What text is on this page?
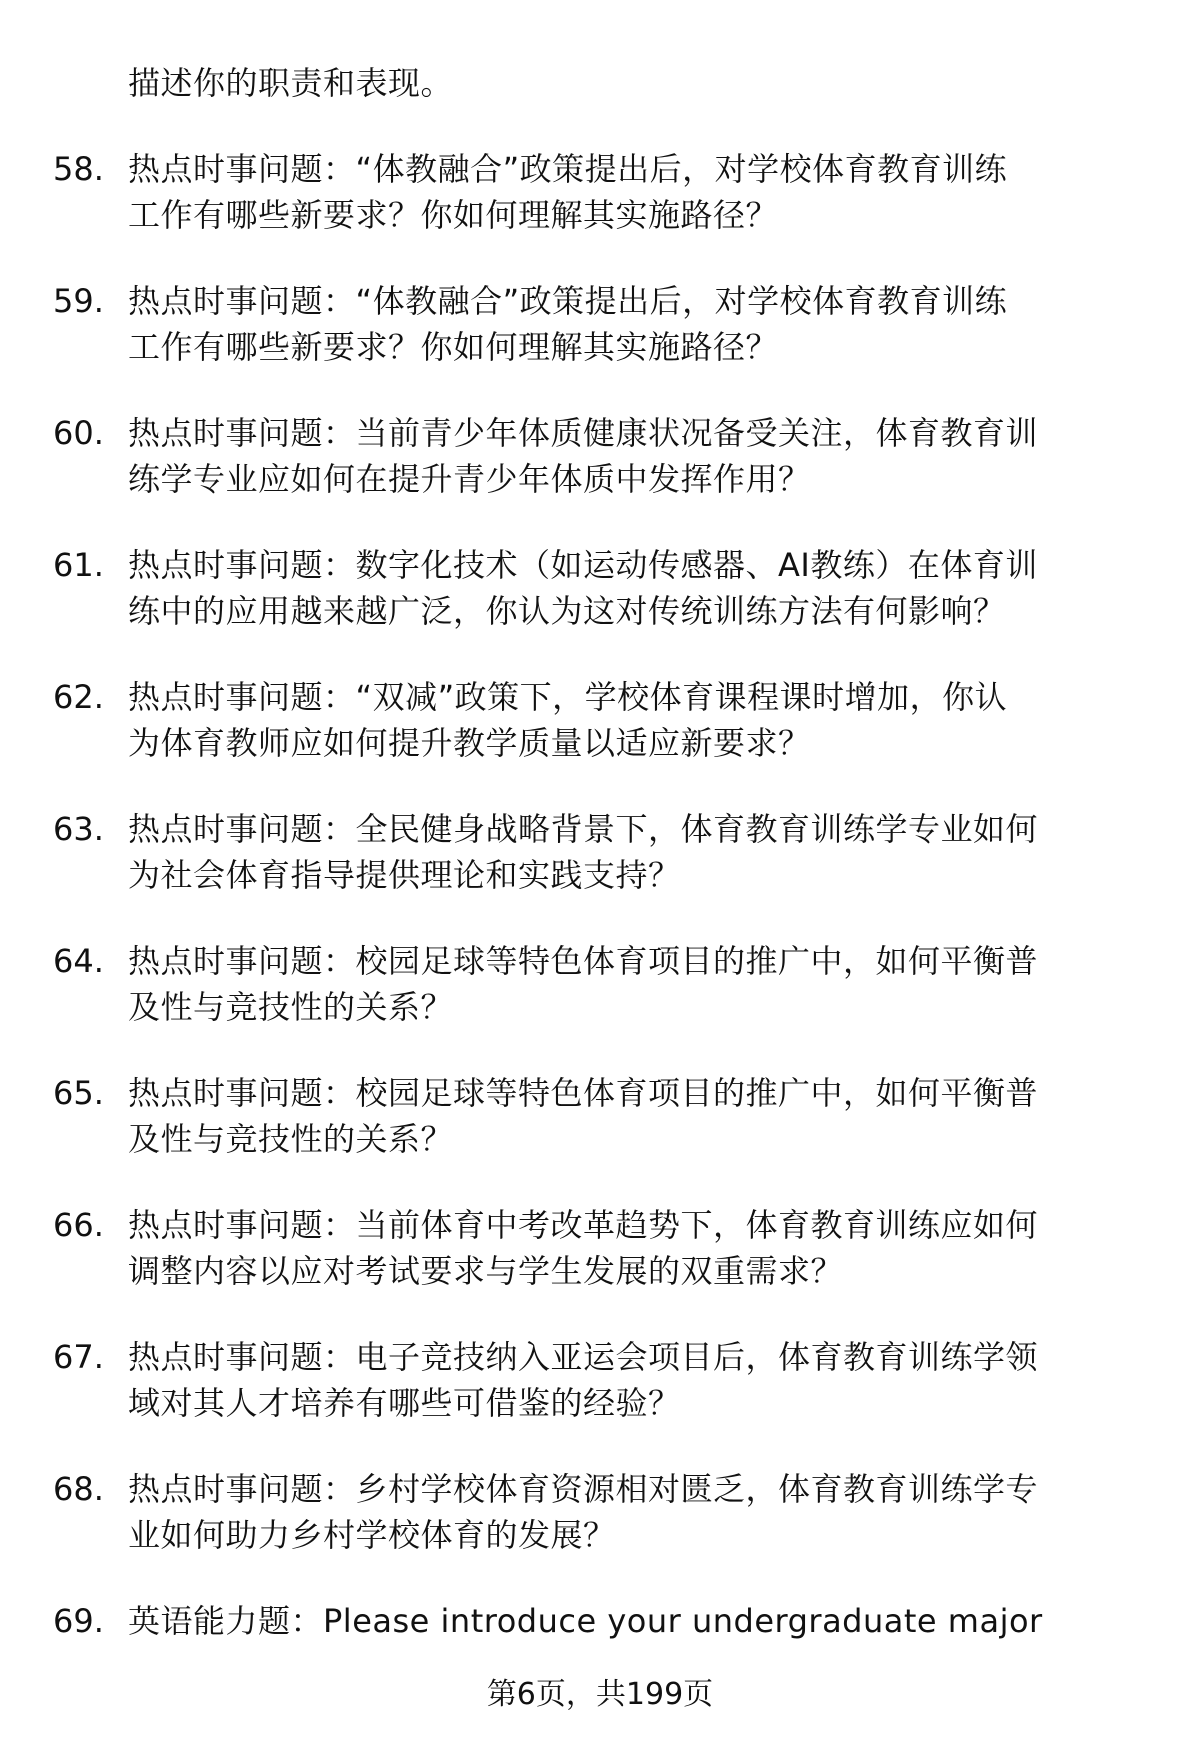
描述你的职责和表现。
58. 热点时事问题：“体教融合”政策提出后，对学校体育教育训练
工作有哪些新要求？你如何理解其实施路径？
59. 热点时事问题：“体教融合”政策提出后，对学校体育教育训练
工作有哪些新要求？你如何理解其实施路径？
60. 热点时事问题：当前青少年体质健康状况备受关注，体育教育训
练学专业应如何在提升青少年体质中发挥作用？
61. 热点时事问题：数字化技术（如运动传感器、AI教练）在体育训
练中的应用越来越广泛，你认为这对传统训练方法有何影响？
62. 热点时事问题：“双减”政策下，学校体育课程课时增加，你认
为体育教师应如何提升教学质量以适应新要求？
63. 热点时事问题：全民健身战略背景下，体育教育训练学专业如何
为社会体育指导提供理论和实践支持？
64. 热点时事问题：校园足球等特色体育项目的推广中，如何平衡普
及性与竞技性的关系？
65. 热点时事问题：校园足球等特色体育项目的推广中，如何平衡普
及性与竞技性的关系？
66. 热点时事问题：当前体育中考改革趋势下，体育教育训练应如何
调整内容以应对考试要求与学生发展的双重需求？
67. 热点时事问题：电子竞技纳入亚运会项目后，体育教育训练学领
域对其人才培养有哪些可借鉴的经验？
68. 热点时事问题：乡村学校体育资源相对匮乏，体育教育训练学专
业如何助力乡村学校体育的发展？
69. 英语能力题：Please introduce your undergraduate major
第6页，共199页
